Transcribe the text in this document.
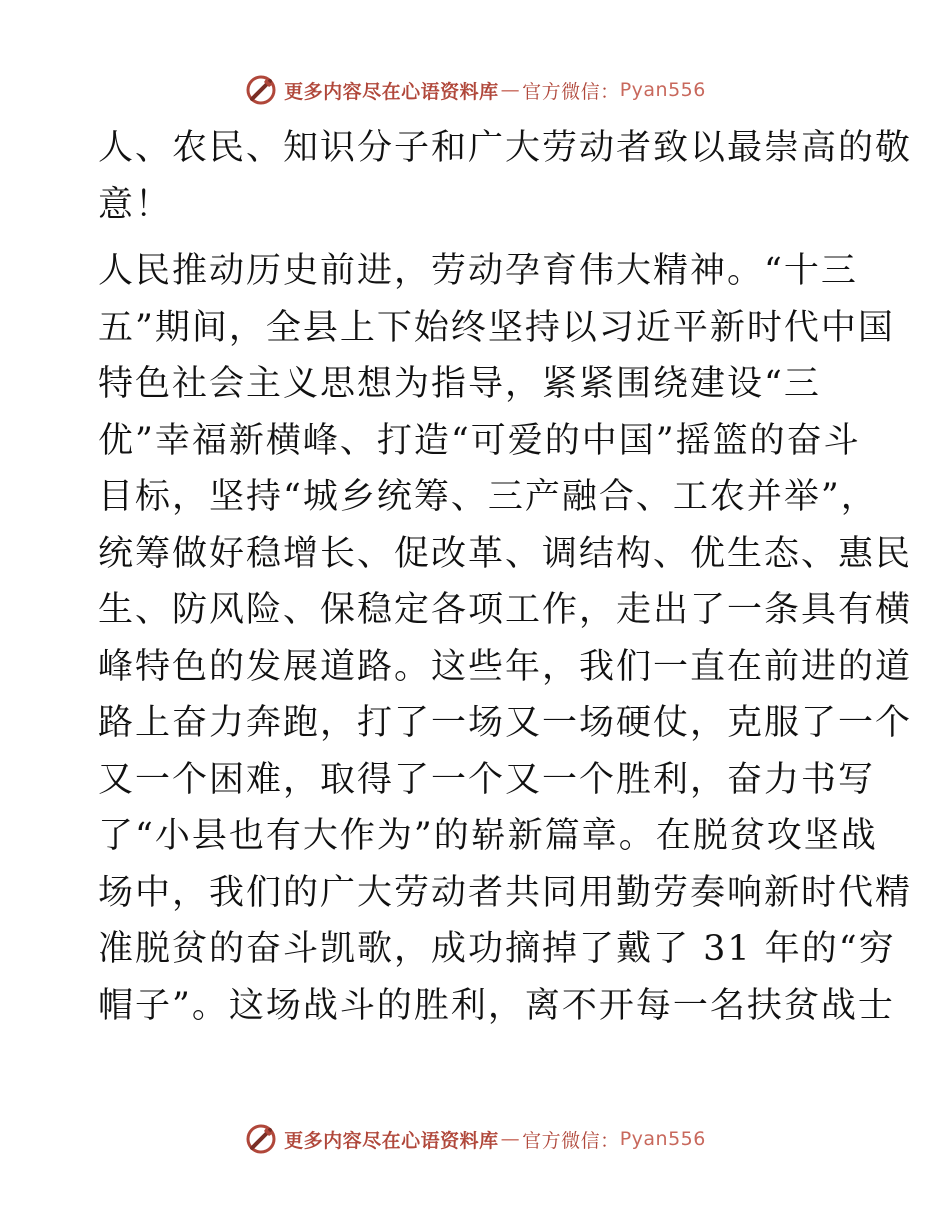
更多内容尽在心语资料库 — 官方微信： Pyan556

人、农民、知识分子和广大劳动者致以最崇高的敬
意！

人民推动历史前进，劳动孕育伟大精神。“十三
五”期间，全县上下始终坚持以习近平新时代中国
特色社会主义思想为指导，紧紧围绕建设“三
优”幸福新横峰、打造“可爱的中国”摇篮的奋斗
目标，坚持“城乡统筹、三产融合、工农并举”，
统筹做好稳增长、促改革、调结构、优生态、惠民
生、防风险、保稳定各项工作，走出了一条具有横
峰特色的发展道路。这些年，我们一直在前进的道
路上奋力奔跑，打了一场又一场硬仗，克服了一个
又一个困难，取得了一个又一个胜利，奋力书写
了“小县也有大作为”的崭新篇章。在脱贫攻坚战
场中，我们的广大劳动者共同用勤劳奏响新时代精
准脱贫的奋斗凯歌，成功摘掉了戴了 31 年的“穷
帽子”。这场战斗的胜利，离不开每一名扶贫战士

更多内容尽在心语资料库 — 官方微信： Pyan556
